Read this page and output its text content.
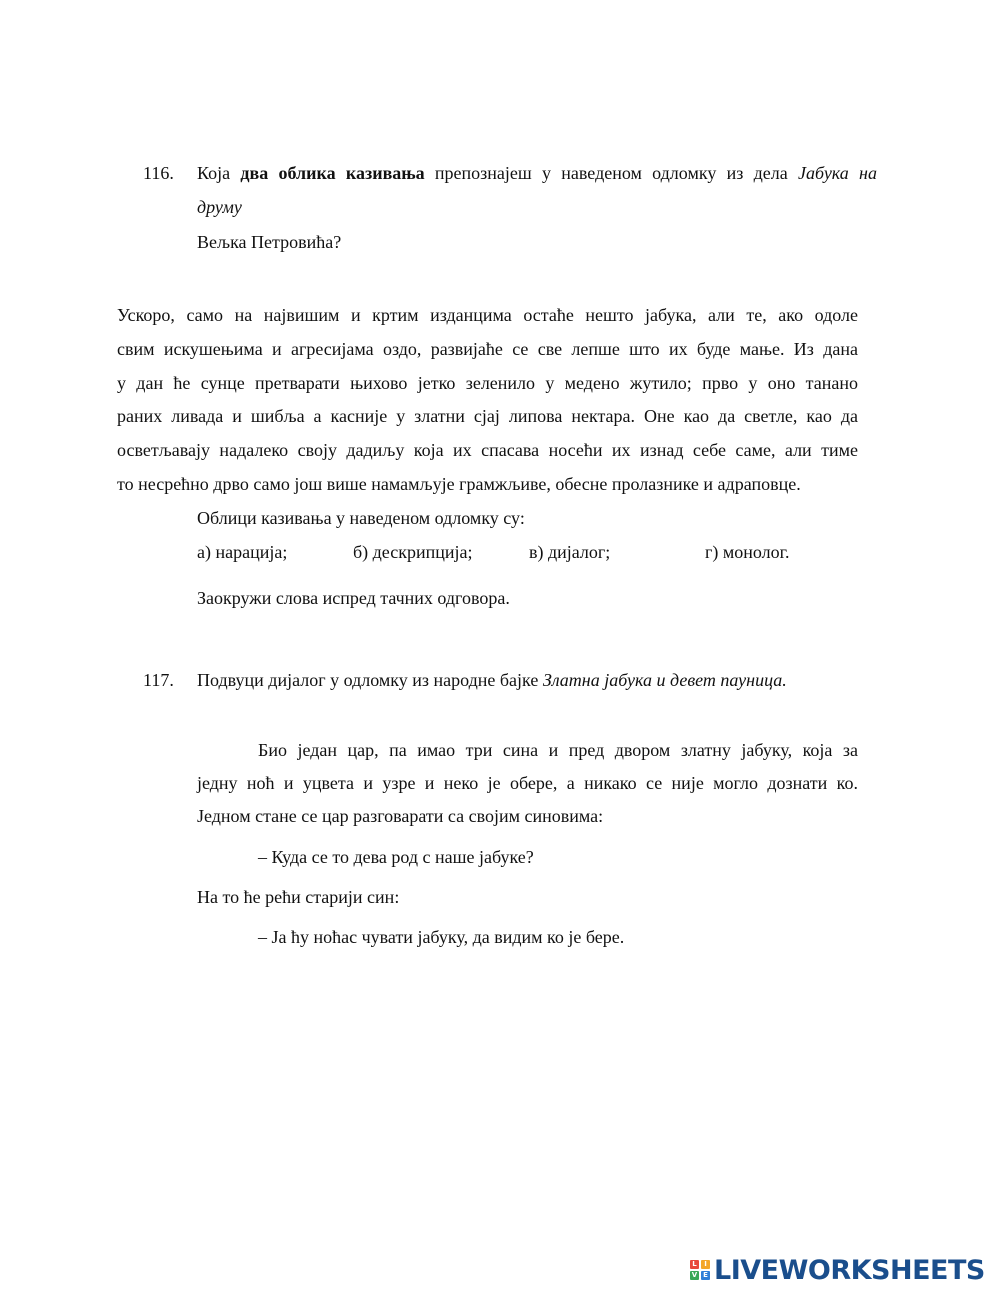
116. Која два облика казивања препознајеш у наведеном одломку из дела Јабука на
друму
Вељка Петровића?
Ускоро, само на највишим и кртим изданцима остаће нешто јабука, али те, ако одоле
свим искушењима и агресијама оздо, развијаће се све лепше што их буде мање. Из дана
у дан ће сунце претварати њихово јетко зеленило у медено жутило; прво у оно танано
раних ливада и шибља а касније у златни сјај липова нектара. Оне као да светле, као да
осветљавају надалеко своју дадиљу која их спасава носећи их изнад себе саме, али тиме
то несрећно дрво само још више намамљује грамжљиве, обесне пролазнике и адраповце.
Облици казивања у наведеном одломку су:
а) нарација;	б) дескрипција;	в) дијалог;	г) монолог.
Заокружи слова испред тачних одговора.
117. Подвуци дијалог у одломку из народне бајке Златна јабука и девет пауница.
Био један цар, па имао три сина и пред двором златну јабуку, која за
једну ноћ и уцвета и узре и неко је обере, а никако се није могло дознати ко.
Једном стане се цар разговарати са својим синовима:
– Куда се то дева род с наше јабуке?
На то ће рећи старији син:
– Ја ћу ноћас чувати јабуку, да видим ко је бере.
L	I
V E LIVEWORKSHEETS
